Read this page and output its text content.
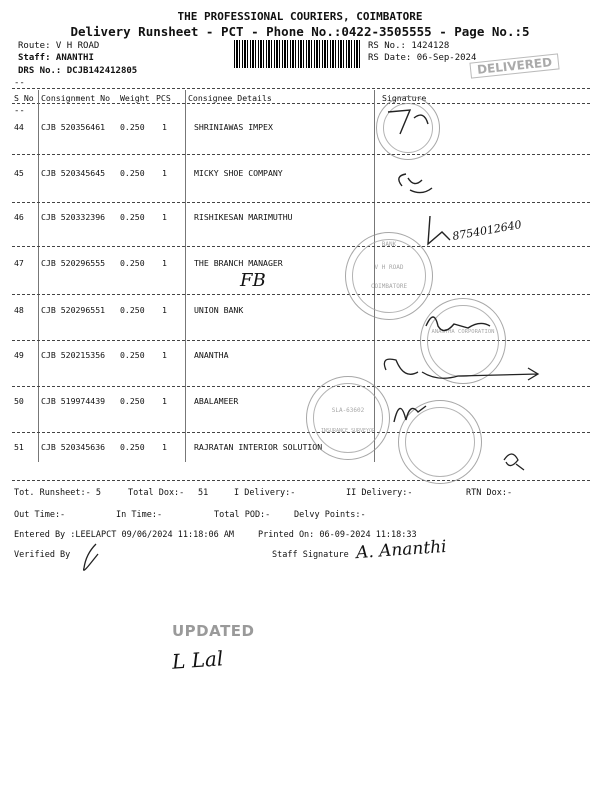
THE PROFESSIONAL COURIERS, COIMBATORE
Delivery Runsheet - PCT - Phone No.:0422-3505555 - Page No.:5
Route: V H ROAD
Staff: ANANTHI
DRS No.: DCJB142412805
RS No.: 1424128
RS Date: 06-Sep-2024 DELIVERED
--
S No Consignment No Weight PCS Consignee Details	Signature
--
44 CJB 520356461 0.250 1	SHRINIAWAS IMPEX
45 CJB 520345645 0.250 1	MICKY SHOE COMPANY
46 CJB 520332396 0.250 1	RISHIKESAN MARIMUTHU
47 CJB 520296555 0.250 1	THE BRANCH MANAGER
48 CJB 520296551 0.250 1	UNION BANK
49 CJB 520215356 0.250 1	ANANTHA
50 CJB 519974439 0.250 1	ABALAMEER
51 CJB 520345636 0.250 1	RAJRATAN INTERIOR SOLUTION
BANK
V H ROAD
COIMBATORE
ANANTHA CORPORATION
SLA-63602
INSURANCE SURVEYOR
8754012640
FB
Tot. Runsheet:- 5	Total Dox:- 51	I Delivery:-	II Delivery:-	RTN Dox:-
Out Time:-	In Time:-	Total POD:-	Delvy Points:-
Entered By :LEELAPCT 09/06/2024 11:18:06 AM	Printed On: 06-09-2024 11:18:33
Verified By	Staff Signature A. Ananthi
UPDATED
L Lal
